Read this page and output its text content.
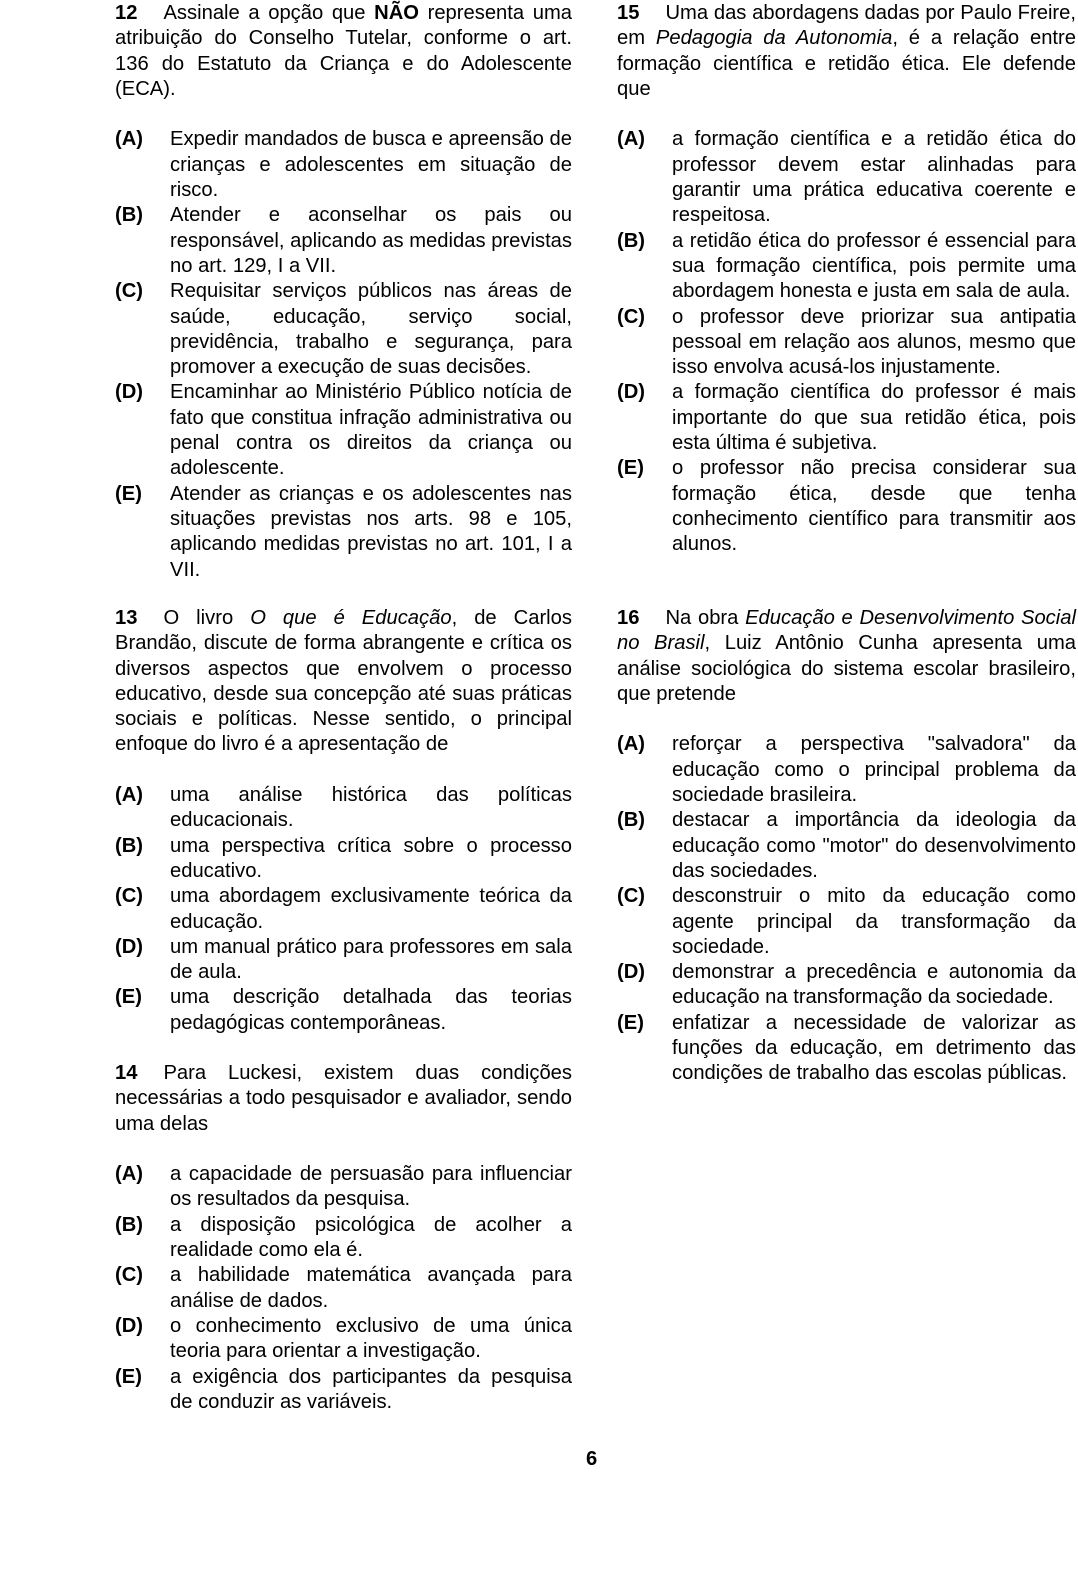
12 Assinale a opção que NÃO representa uma atribuição do Conselho Tutelar, conforme o art. 136 do Estatuto da Criança e do Adolescente (ECA).

(A) Expedir mandados de busca e apreensão de crianças e adolescentes em situação de risco.
(B) Atender e aconselhar os pais ou responsável, aplicando as medidas previstas no art. 129, I a VII.
(C) Requisitar serviços públicos nas áreas de saúde, educação, serviço social, previdência, trabalho e segurança, para promover a execução de suas decisões.
(D) Encaminhar ao Ministério Público notícia de fato que constitua infração administrativa ou penal contra os direitos da criança ou adolescente.
(E) Atender as crianças e os adolescentes nas situações previstas nos arts. 98 e 105, aplicando medidas previstas no art. 101, I a VII.

13 O livro O que é Educação, de Carlos Brandão, discute de forma abrangente e crítica os diversos aspectos que envolvem o processo educativo, desde sua concepção até suas práticas sociais e políticas. Nesse sentido, o principal enfoque do livro é a apresentação de

(A) uma análise histórica das políticas educacionais.
(B) uma perspectiva crítica sobre o processo educativo.
(C) uma abordagem exclusivamente teórica da educação.
(D) um manual prático para professores em sala de aula.
(E) uma descrição detalhada das teorias pedagógicas contemporâneas.

14 Para Luckesi, existem duas condições necessárias a todo pesquisador e avaliador, sendo uma delas

(A) a capacidade de persuasão para influenciar os resultados da pesquisa.
(B) a disposição psicológica de acolher a realidade como ela é.
(C) a habilidade matemática avançada para análise de dados.
(D) o conhecimento exclusivo de uma única teoria para orientar a investigação.
(E) a exigência dos participantes da pesquisa de conduzir as variáveis.

15 Uma das abordagens dadas por Paulo Freire, em Pedagogia da Autonomia, é a relação entre formação científica e retidão ética. Ele defende que

(A) a formação científica e a retidão ética do professor devem estar alinhadas para garantir uma prática educativa coerente e respeitosa.
(B) a retidão ética do professor é essencial para sua formação científica, pois permite uma abordagem honesta e justa em sala de aula.
(C) o professor deve priorizar sua antipatia pessoal em relação aos alunos, mesmo que isso envolva acusá-los injustamente.
(D) a formação científica do professor é mais importante do que sua retidão ética, pois esta última é subjetiva.
(E) o professor não precisa considerar sua formação ética, desde que tenha conhecimento científico para transmitir aos alunos.

16 Na obra Educação e Desenvolvimento Social no Brasil, Luiz Antônio Cunha apresenta uma análise sociológica do sistema escolar brasileiro, que pretende

(A) reforçar a perspectiva "salvadora" da educação como o principal problema da sociedade brasileira.
(B) destacar a importância da ideologia da educação como "motor" do desenvolvimento das sociedades.
(C) desconstruir o mito da educação como agente principal da transformação da sociedade.
(D) demonstrar a precedência e autonomia da educação na transformação da sociedade.
(E) enfatizar a necessidade de valorizar as funções da educação, em detrimento das condições de trabalho das escolas públicas.
6
